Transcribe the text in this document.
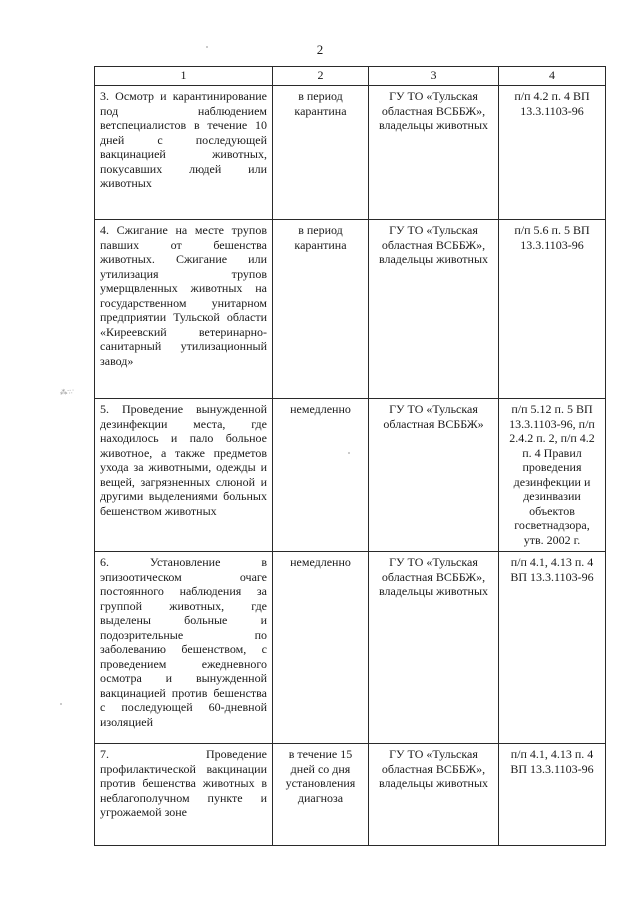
2
1	2	3	4
3. Осмотр и карантинирование под наблюдением ветспециалистов в течение 10 дней с последующей вакцинацией животных, покусавших людей или животных	в период карантина	ГУ ТО «Тульская областная ВСББЖ», владельцы животных	п/п 4.2 п. 4 ВП 13.3.1103-96
4. Сжигание на месте трупов павших от бешенства животных. Сжигание или утилизация трупов умерщвленных животных на государственном унитарном предприятии Тульской области «Киреевский ветеринарно-санитарный утилизационный завод»	в период карантина	ГУ ТО «Тульская областная ВСББЖ», владельцы животных	п/п 5.6 п. 5 ВП 13.3.1103-96
5. Проведение вынужденной дезинфекции места, где находилось и пало больное животное, а также предметов ухода за животными, одежды и вещей, загрязненных слюной и другими выделениями больных бешенством животных	немедленно	ГУ ТО «Тульская областная ВСББЖ»	п/п 5.12 п. 5 ВП 13.3.1103-96, п/п 2.4.2 п. 2, п/п 4.2 п. 4 Правил проведения дезинфекции и дезинвазии объектов госветнадзора, утв. 2002 г.
6. Установление в эпизоотическом очаге постоянного наблюдения за группой животных, где выделены больные и подозрительные по заболеванию бешенством, с проведением ежедневного осмотра и вынужденной вакцинацией против бешенства с последующей 60-дневной изоляцией	немедленно	ГУ ТО «Тульская областная ВСББЖ», владельцы животных	п/п 4.1, 4.13 п. 4 ВП 13.3.1103-96
7. Проведение профилактической вакцинации против бешенства животных в неблагополучном пункте и угрожаемой зоне	в течение 15 дней со дня установления диагноза	ГУ ТО «Тульская областная ВСББЖ», владельцы животных	п/п 4.1, 4.13 п. 4 ВП 13.3.1103-96
⁂∴∵
